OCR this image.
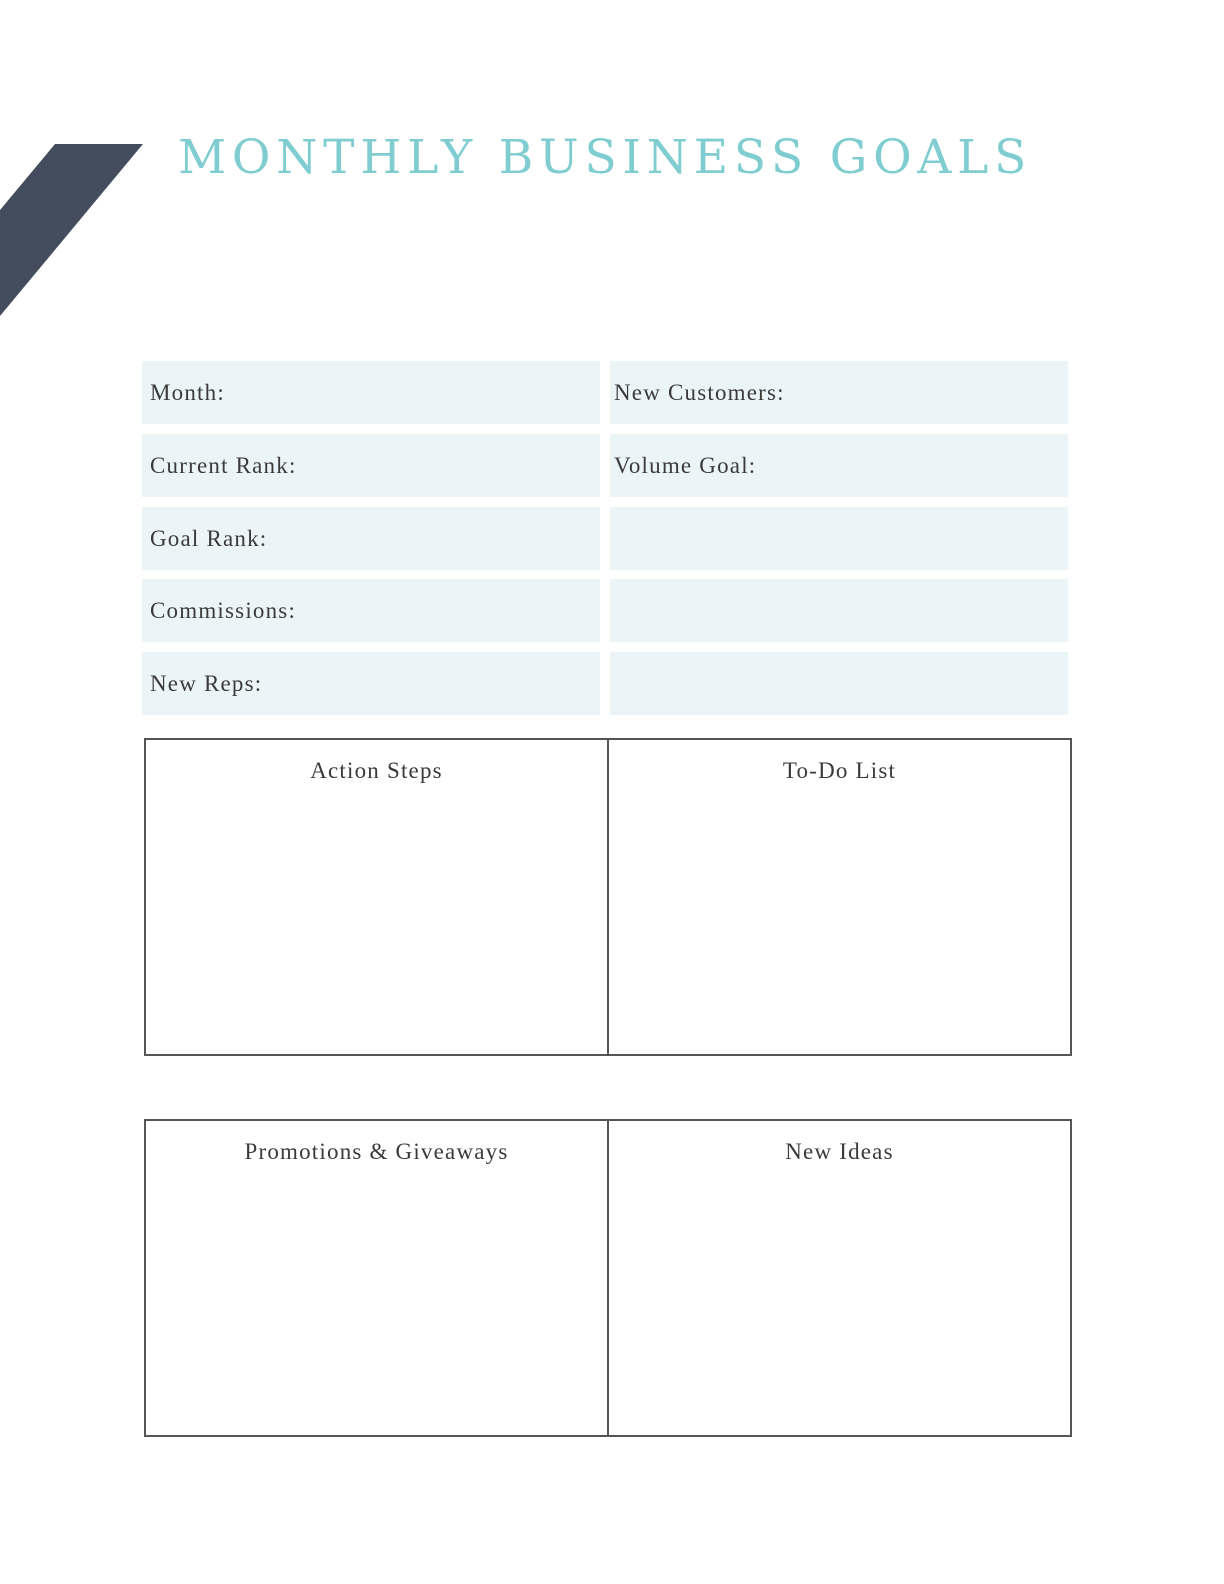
MONTHLY BUSINESS GOALS
Month:
Current Rank:
Goal Rank:
Commissions:
New Reps:
New Customers:
Volume Goal:
Action Steps	To-Do List
Promotions & Giveaways	New Ideas
